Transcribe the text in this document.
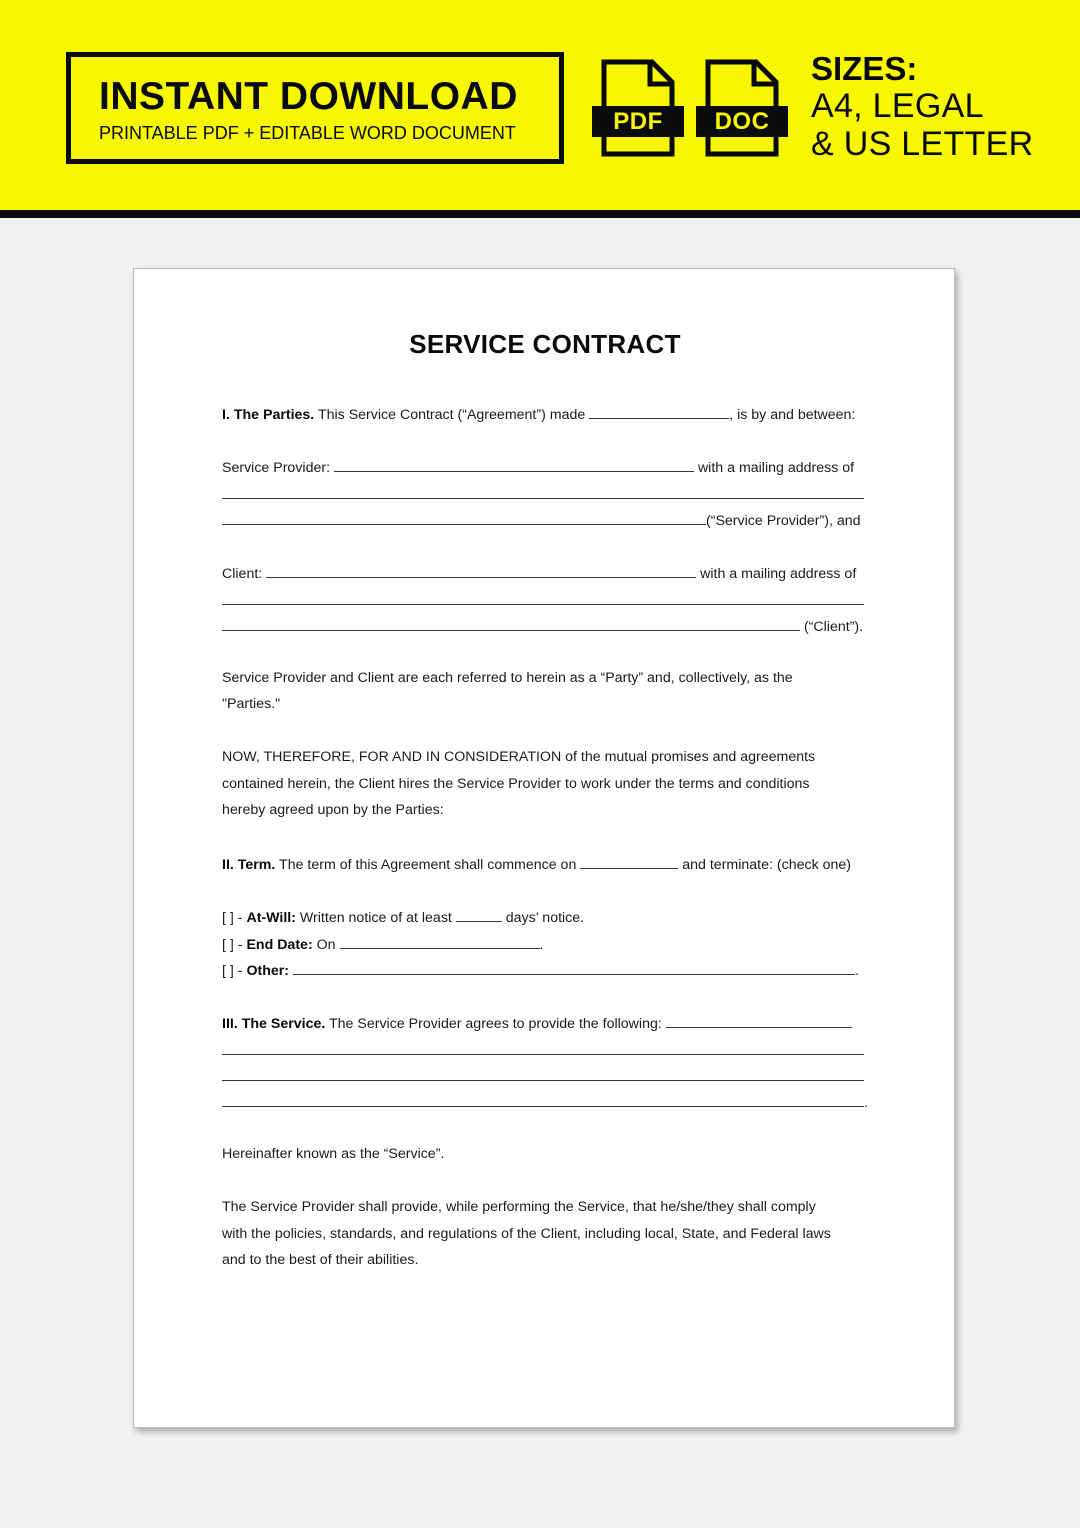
INSTANT DOWNLOAD
PRINTABLE PDF + EDITABLE WORD DOCUMENT	PDF	DOC
SIZES:
A4, LEGAL
& US LETTER
SERVICE CONTRACT
I. The Parties. This Service Contract (“Agreement”) made	, is by and between:
Service Provider:	with a mailing address of
(“Service Provider”), and
Client:	with a mailing address of
(“Client”).
Service Provider and Client are each referred to herein as a “Party” and, collectively, as the
"Parties."
NOW, THEREFORE, FOR AND IN CONSIDERATION of the mutual promises and agreements
contained herein, the Client hires the Service Provider to work under the terms and conditions
hereby agreed upon by the Parties:
II. Term. The term of this Agreement shall commence on	and terminate: (check one)
[ ] - At-Will: Written notice of at least	days’ notice.
[ ] - End Date: On	.
[ ] - Other:	.
III. The Service. The Service Provider agrees to provide the following:
.
Hereinafter known as the “Service”.
The Service Provider shall provide, while performing the Service, that he/she/they shall comply
with the policies, standards, and regulations of the Client, including local, State, and Federal laws
and to the best of their abilities.
